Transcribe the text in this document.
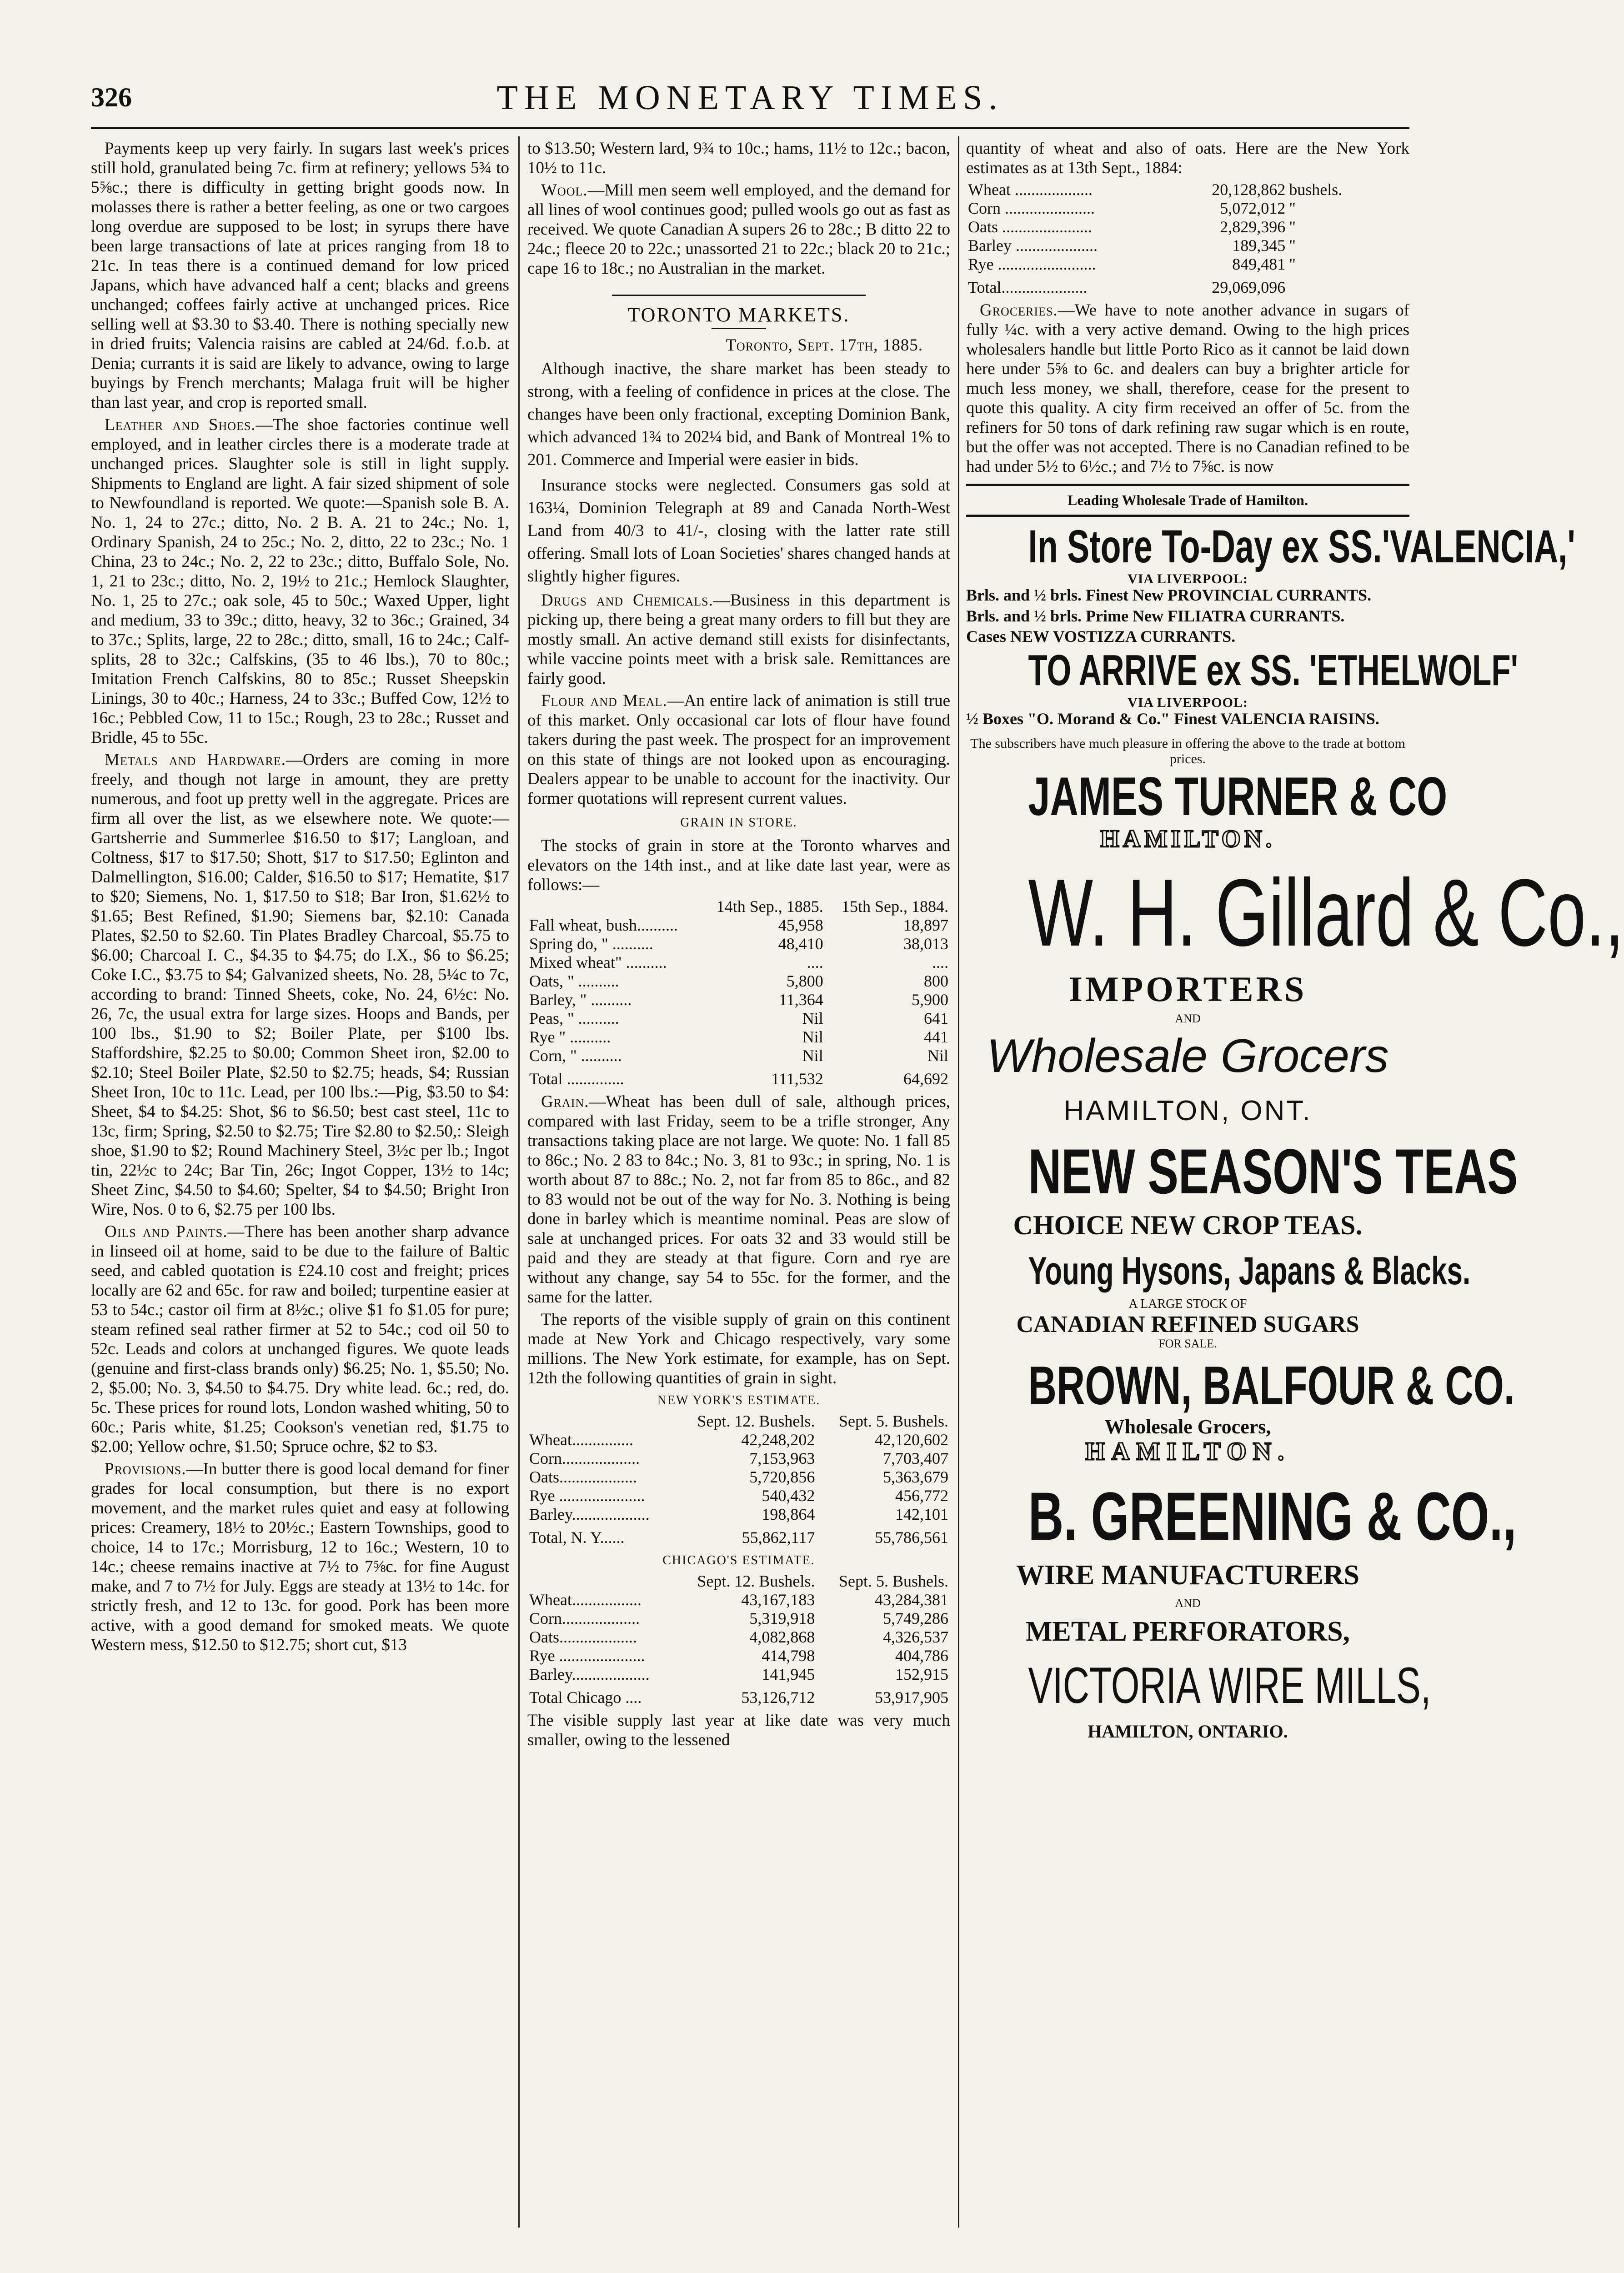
326	THE MONETARY TIMES.

Payments keep up very fairly. In sugars last week's prices still hold, granulated being 7c. firm at refinery; yellows 5¾ to 5⅝c.; there is difficulty in getting bright goods now. In molasses there is rather a better feeling, as one or two cargoes long overdue are supposed to be lost; in syrups there have been large transactions of late at prices ranging from 18 to 21c. In teas there is a continued demand for low priced Japans, which have advanced half a cent; blacks and greens unchanged; coffees fairly active at unchanged prices. Rice selling well at $3.30 to $3.40. There is nothing specially new in dried fruits; Valencia raisins are cabled at 24/6d. f.o.b. at Denia; currants it is said are likely to advance, owing to large buyings by French merchants; Malaga fruit will be higher than last year, and crop is reported small.

Leather and Shoes.—The shoe factories continue well employed, and in leather circles there is a moderate trade at unchanged prices. Slaughter sole is still in light supply. Shipments to England are light. A fair sized shipment of sole to Newfoundland is reported. We quote:—Spanish sole B. A. No. 1, 24 to 27c.; ditto, No. 2 B. A. 21 to 24c.; No. 1, Ordinary Spanish, 24 to 25c.; No. 2, ditto, 22 to 23c.; No. 1 China, 23 to 24c.; No. 2, 22 to 23c.; ditto, Buffalo Sole, No. 1, 21 to 23c.; ditto, No. 2, 19½ to 21c.; Hemlock Slaughter, No. 1, 25 to 27c.; oak sole, 45 to 50c.; Waxed Upper, light and medium, 33 to 39c.; ditto, heavy, 32 to 36c.; Grained, 34 to 37c.; Splits, large, 22 to 28c.; ditto, small, 16 to 24c.; Calf-splits, 28 to 32c.; Calfskins, (35 to 46 lbs.), 70 to 80c.; Imitation French Calfskins, 80 to 85c.; Russet Sheepskin Linings, 30 to 40c.; Harness, 24 to 33c.; Buffed Cow, 12½ to 16c.; Pebbled Cow, 11 to 15c.; Rough, 23 to 28c.; Russet and Bridle, 45 to 55c.

Metals and Hardware.—Orders are coming in more freely, and though not large in amount, they are pretty numerous, and foot up pretty well in the aggregate. Prices are firm all over the list, as we elsewhere note. We quote:—Gartsherrie and Summerlee $16.50 to $17; Langloan, and Coltness, $17 to $17.50; Shott, $17 to $17.50; Eglinton and Dalmellington, $16.00; Calder, $16.50 to $17; Hematite, $17 to $20; Siemens, No. 1, $17.50 to $18; Bar Iron, $1.62½ to $1.65; Best Refined, $1.90; Siemens bar, $2.10: Canada Plates, $2.50 to $2.60. Tin Plates Bradley Charcoal, $5.75 to $6.00; Charcoal I. C., $4.35 to $4.75; do I.X., $6 to $6.25; Coke I.C., $3.75 to $4; Galvanized sheets, No. 28, 5¼c to 7c, according to brand: Tinned Sheets, coke, No. 24, 6½c: No. 26, 7c, the usual extra for large sizes. Hoops and Bands, per 100 lbs., $1.90 to $2; Boiler Plate, per $100 lbs. Staffordshire, $2.25 to $0.00; Common Sheet iron, $2.00 to $2.10; Steel Boiler Plate, $2.50 to $2.75; heads, $4; Russian Sheet Iron, 10c to 11c. Lead, per 100 lbs.:—Pig, $3.50 to $4: Sheet, $4 to $4.25: Shot, $6 to $6.50; best cast steel, 11c to 13c, firm; Spring, $2.50 to $2.75; Tire $2.80 to $2.50,: Sleigh shoe, $1.90 to $2; Round Machinery Steel, 3½c per lb.; Ingot tin, 22½c to 24c; Bar Tin, 26c; Ingot Copper, 13½ to 14c; Sheet Zinc, $4.50 to $4.60; Spelter, $4 to $4.50; Bright Iron Wire, Nos. 0 to 6, $2.75 per 100 lbs.

Oils and Paints.—There has been another sharp advance in linseed oil at home, said to be due to the failure of Baltic seed, and cabled quotation is £24.10 cost and freight; prices locally are 62 and 65c. for raw and boiled; turpentine easier at 53 to 54c.; castor oil firm at 8½c.; olive $1 fo $1.05 for pure; steam refined seal rather firmer at 52 to 54c.; cod oil 50 to 52c. Leads and colors at unchanged figures. We quote leads (genuine and first-class brands only) $6.25; No. 1, $5.50; No. 2, $5.00; No. 3, $4.50 to $4.75. Dry white lead. 6c.; red, do. 5c. These prices for round lots, London washed whiting, 50 to 60c.; Paris white, $1.25; Cookson's venetian red, $1.75 to $2.00; Yellow ochre, $1.50; Spruce ochre, $2 to $3.

Provisions.—In butter there is good local demand for finer grades for local consumption, but there is no export movement, and the market rules quiet and easy at following prices: Creamery, 18½ to 20½c.; Eastern Townships, good to choice, 14 to 17c.; Morrisburg, 12 to 16c.; Western, 10 to 14c.; cheese remains inactive at 7½ to 7⅝c. for fine August make, and 7 to 7½ for July. Eggs are steady at 13½ to 14c. for strictly fresh, and 12 to 13c. for good. Pork has been more active, with a good demand for smoked meats. We quote Western mess, $12.50 to $12.75; short cut, $13

to $13.50; Western lard, 9¾ to 10c.; hams, 11½ to 12c.; bacon, 10½ to 11c.

Wool.—Mill men seem well employed, and the demand for all lines of wool continues good; pulled wools go out as fast as received. We quote Canadian A supers 26 to 28c.; B ditto 22 to 24c.; fleece 20 to 22c.; unassorted 21 to 22c.; black 20 to 21c.; cape 16 to 18c.; no Australian in the market.

TORONTO MARKETS.
Toronto, Sept. 17th, 1885.

Although inactive, the share market has been steady to strong, with a feeling of confidence in prices at the close. The changes have been only fractional, excepting Dominion Bank, which advanced 1¾ to 202¼ bid, and Bank of Montreal 1% to 201. Commerce and Imperial were easier in bids.

Insurance stocks were neglected. Consumers gas sold at 163¼, Dominion Telegraph at 89 and Canada North-West Land from 40/3 to 41/-, closing with the latter rate still offering. Small lots of Loan Societies' shares changed hands at slightly higher figures.

Drugs and Chemicals.—Business in this department is picking up, there being a great many orders to fill but they are mostly small. An active demand still exists for disinfectants, while vaccine points meet with a brisk sale. Remittances are fairly good.

Flour and Meal.—An entire lack of animation is still true of this market. Only occasional car lots of flour have found takers during the past week. The prospect for an improvement on this state of things are not looked upon as encouraging. Dealers appear to be unable to account for the inactivity. Our former quotations will represent current values.

GRAIN IN STORE.

The stocks of grain in store at the Toronto wharves and elevators on the 14th inst., and at like date last year, were as follows:—

	14th Sep., 1885.	15th Sep., 1884.
Fall wheat, bush..........	45,958	18,897
Spring do, " ..........	48,410	38,013
Mixed wheat" ..........	....	....
Oats, " ..........	5,800	800
Barley, " ..........	11,364	5,900
Peas, " ..........	Nil	641
Rye " ..........	Nil	441
Corn, " ..........	Nil	Nil
Total ..............	111,532	64,692

Grain.—Wheat has been dull of sale, although prices, compared with last Friday, seem to be a trifle stronger, Any transactions taking place are not large. We quote: No. 1 fall 85 to 86c.; No. 2 83 to 84c.; No. 3, 81 to 93c.; in spring, No. 1 is worth about 87 to 88c.; No. 2, not far from 85 to 86c., and 82 to 83 would not be out of the way for No. 3. Nothing is being done in barley which is meantime nominal. Peas are slow of sale at unchanged prices. For oats 32 and 33 would still be paid and they are steady at that figure. Corn and rye are without any change, say 54 to 55c. for the former, and the same for the latter.

The reports of the visible supply of grain on this continent made at New York and Chicago respectively, vary some millions. The New York estimate, for example, has on Sept. 12th the following quantities of grain in sight.

NEW YORK'S ESTIMATE.
	Sept. 12. Bushels.	Sept. 5. Bushels.
Wheat...............	42,248,202	42,120,602
Corn...................	7,153,963	7,703,407
Oats...................	5,720,856	5,363,679
Rye .....................	540,432	456,772
Barley...................	198,864	142,101
Total, N. Y......	55,862,117	55,786,561
CHICAGO'S ESTIMATE.
	Sept. 12. Bushels.	Sept. 5. Bushels.
Wheat.................	43,167,183	43,284,381
Corn...................	5,319,918	5,749,286
Oats...................	4,082,868	4,326,537
Rye .....................	414,798	404,786
Barley...................	141,945	152,915
Total Chicago ....	53,126,712	53,917,905

The visible supply last year at like date was very much smaller, owing to the lessened

quantity of wheat and also of oats. Here are the New York estimates as at 13th Sept., 1884:

Wheat ...................	20,128,862	bushels.
Corn ......................	5,072,012	"
Oats ......................	2,829,396	"
Barley ....................	189,345	"
Rye ........................	849,481	"
Total.....................	29,069,096	

Groceries.—We have to note another advance in sugars of fully ¼c. with a very active demand. Owing to the high prices wholesalers handle but little Porto Rico as it cannot be laid down here under 5⅝ to 6c. and dealers can buy a brighter article for much less money, we shall, therefore, cease for the present to quote this quality. A city firm received an offer of 5c. from the refiners for 50 tons of dark refining raw sugar which is en route, but the offer was not accepted. There is no Canadian refined to be had under 5½ to 6½c.; and 7½ to 7⅝c. is now

Leading Wholesale Trade of Hamilton.
In Store To-Day ex SS.'VALENCIA,'
VIA LIVERPOOL:
Brls. and ½ brls. Finest New PROVINCIAL CURRANTS.
Brls. and ½ brls. Prime New FILIATRA CURRANTS.
Cases NEW VOSTIZZA CURRANTS.
TO ARRIVE ex SS. 'ETHELWOLF'
VIA LIVERPOOL:
½ Boxes "O. Morand & Co." Finest VALENCIA RAISINS.
The subscribers have much pleasure in offering the above to the trade at bottom prices.
JAMES TURNER & CO
HAMILTON.
W. H. Gillard & Co.,
IMPORTERS
AND
Wholesale Grocers
HAMILTON, ONT.
NEW SEASON'S TEAS
CHOICE NEW CROP TEAS.
Young Hysons, Japans & Blacks.
A LARGE STOCK OF
CANADIAN REFINED SUGARS
FOR SALE.
BROWN, BALFOUR & CO.
Wholesale Grocers,
HAMILTON.
B. GREENING & CO.,
WIRE MANUFACTURERS
AND
METAL PERFORATORS,
VICTORIA WIRE MILLS,
HAMILTON, ONTARIO.
